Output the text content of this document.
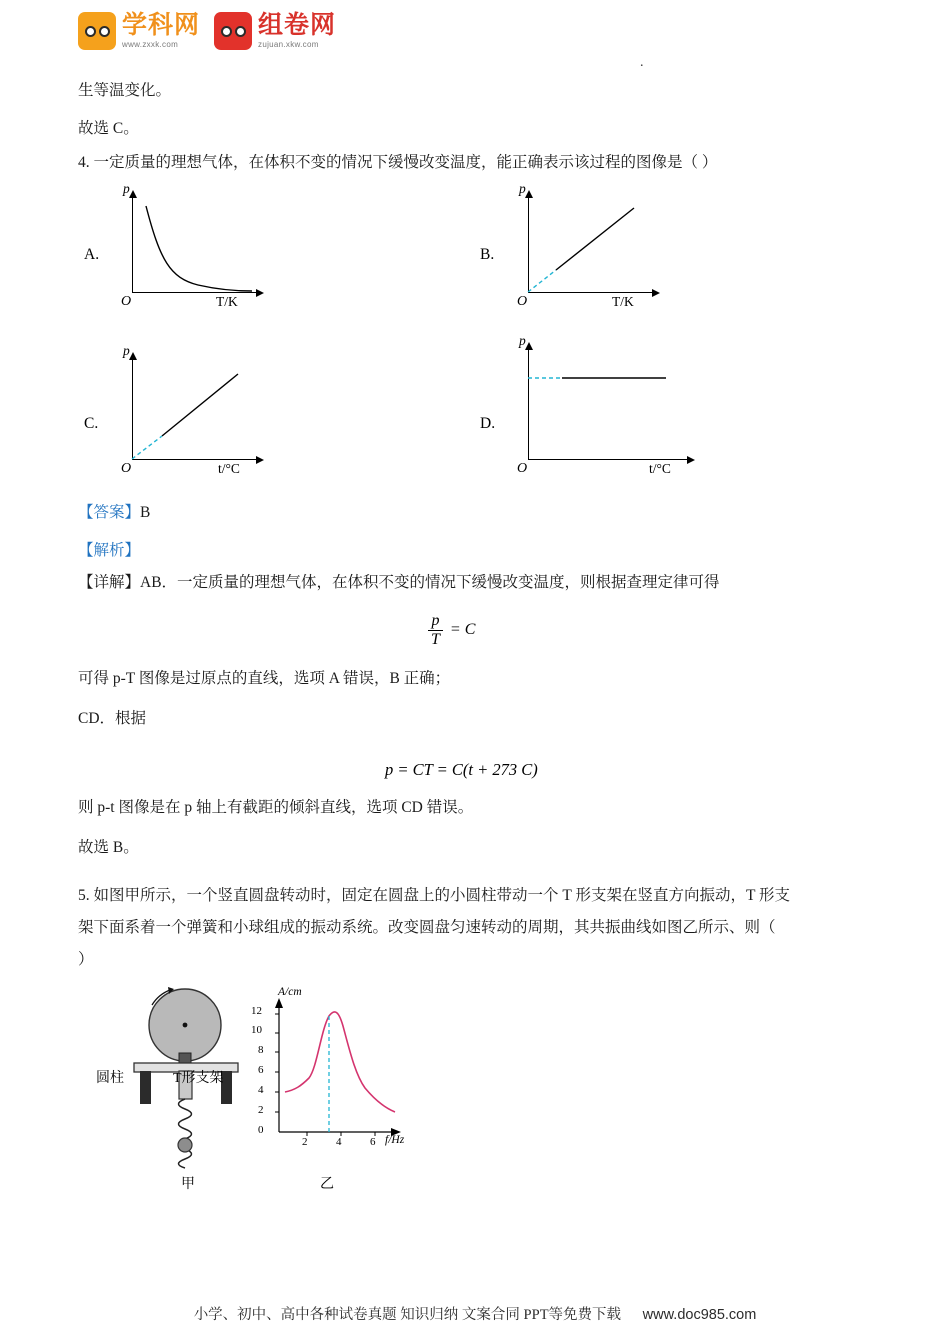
学科网
www.zxxk.com
组卷网
zujuan.xkw.com
.
生等温变化。
故选 C。
4. 一定质量的理想气体，在体积不变的情况下缓慢改变温度，能正确表示该过程的图像是（ ）
A.
p
O	T/K
B.
p
O	T/K
C.
p
O	t/°C
D.
p
O	t/°C
【答案】B
【解析】
【详解】AB．一定质量的理想气体，在体积不变的情况下缓慢改变温度，则根据查理定律可得
$\frac{p}{T} = C$
可得 p-T 图像是过原点的直线，选项 A 错误，B 正确；
CD．根据
p = CT = C(t + 273 C)
则 p-t 图像是在 p 轴上有截距的倾斜直线，选项 CD 错误。
故选 B。
5. 如图甲所示，一个竖直圆盘转动时，固定在圆盘上的小圆柱带动一个 T 形支架在竖直方向振动，T 形支
架下面系着一个弹簧和小球组成的振动系统。改变圆盘匀速转动的周期，其共振曲线如图乙所示、则（
）
圆柱	T形支架
甲
12
10
8
6
4
2
0
2	4	6
A/cm
f/Hz
乙
小学、初中、高中各种试卷真题 知识归纳 文案合同 PPT等免费下载 www.doc985.com
